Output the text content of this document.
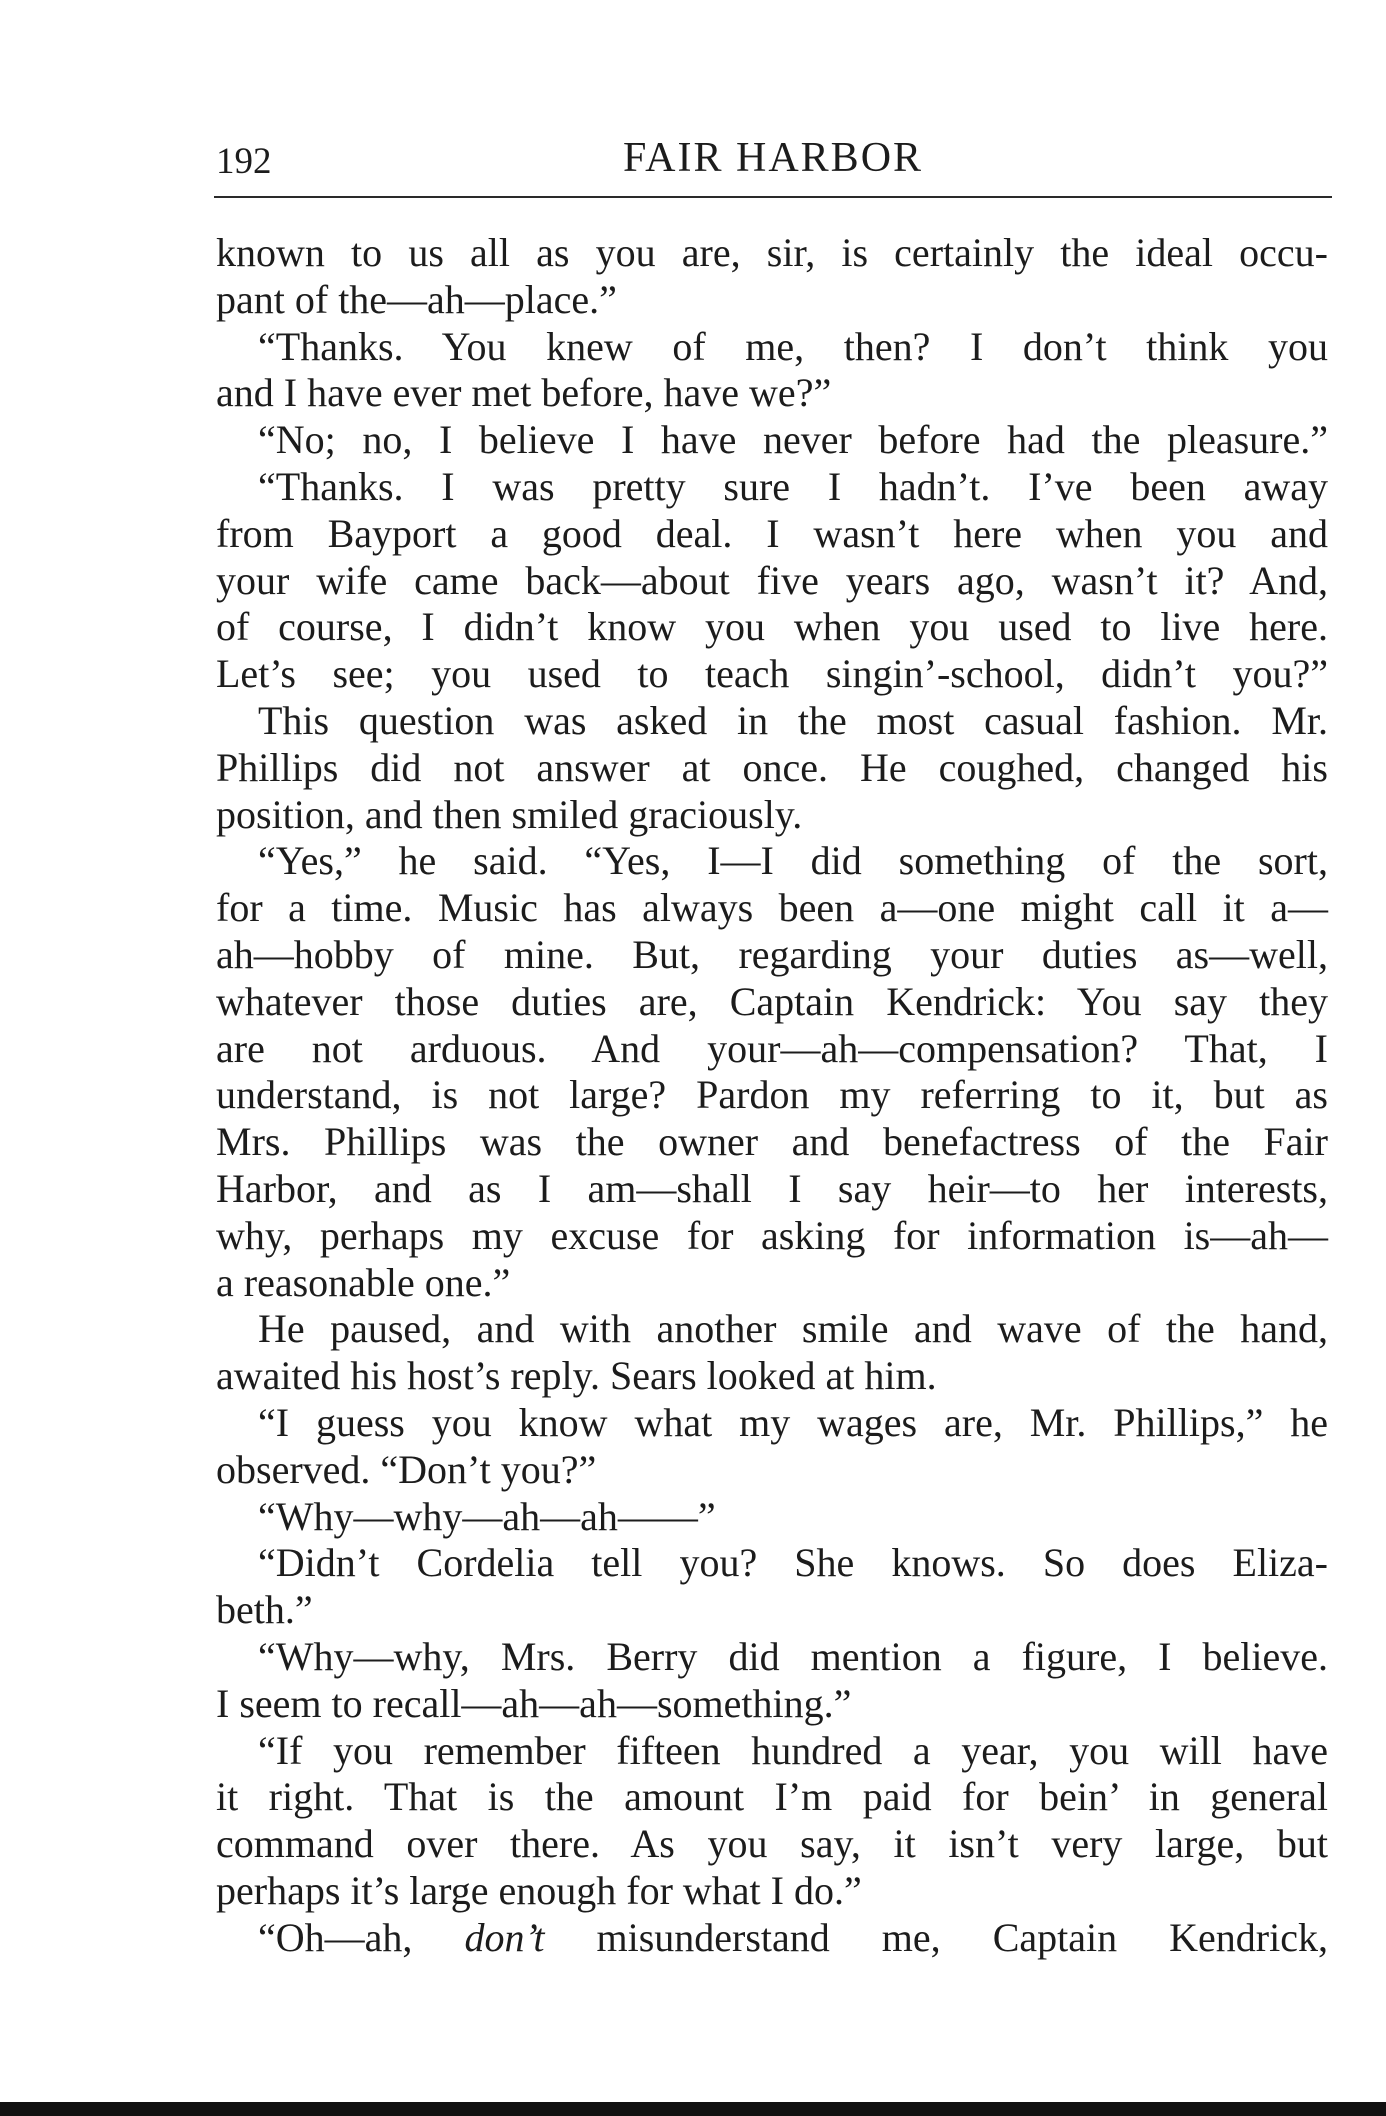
192	FAIR HARBOR
known to us all as you are, sir, is certainly the ideal occu-
pant of the—ah—place.”
“Thanks. You knew of me, then? I don’t think you
and I have ever met before, have we?”
“No; no, I believe I have never before had the pleasure.”
“Thanks. I was pretty sure I hadn’t. I’ve been away
from Bayport a good deal. I wasn’t here when you and
your wife came back—about five years ago, wasn’t it? And,
of course, I didn’t know you when you used to live here.
Let’s see; you used to teach singin’-school, didn’t you?”
This question was asked in the most casual fashion. Mr.
Phillips did not answer at once. He coughed, changed his
position, and then smiled graciously.
“Yes,” he said. “Yes, I—I did something of the sort,
for a time. Music has always been a—one might call it a—
ah—hobby of mine. But, regarding your duties as—well,
whatever those duties are, Captain Kendrick: You say they
are not arduous. And your—ah—compensation? That, I
understand, is not large? Pardon my referring to it, but as
Mrs. Phillips was the owner and benefactress of the Fair
Harbor, and as I am—shall I say heir—to her interests,
why, perhaps my excuse for asking for information is—ah—
a reasonable one.”
He paused, and with another smile and wave of the hand,
awaited his host’s reply. Sears looked at him.
“I guess you know what my wages are, Mr. Phillips,” he
observed. “Don’t you?”
“Why—why—ah—ah——”
“Didn’t Cordelia tell you? She knows. So does Eliza-
beth.”
“Why—why, Mrs. Berry did mention a figure, I believe.
I seem to recall—ah—ah—something.”
“If you remember fifteen hundred a year, you will have
it right. That is the amount I’m paid for bein’ in general
command over there. As you say, it isn’t very large, but
perhaps it’s large enough for what I do.”
“Oh—ah, don’t misunderstand me, Captain Kendrick,
